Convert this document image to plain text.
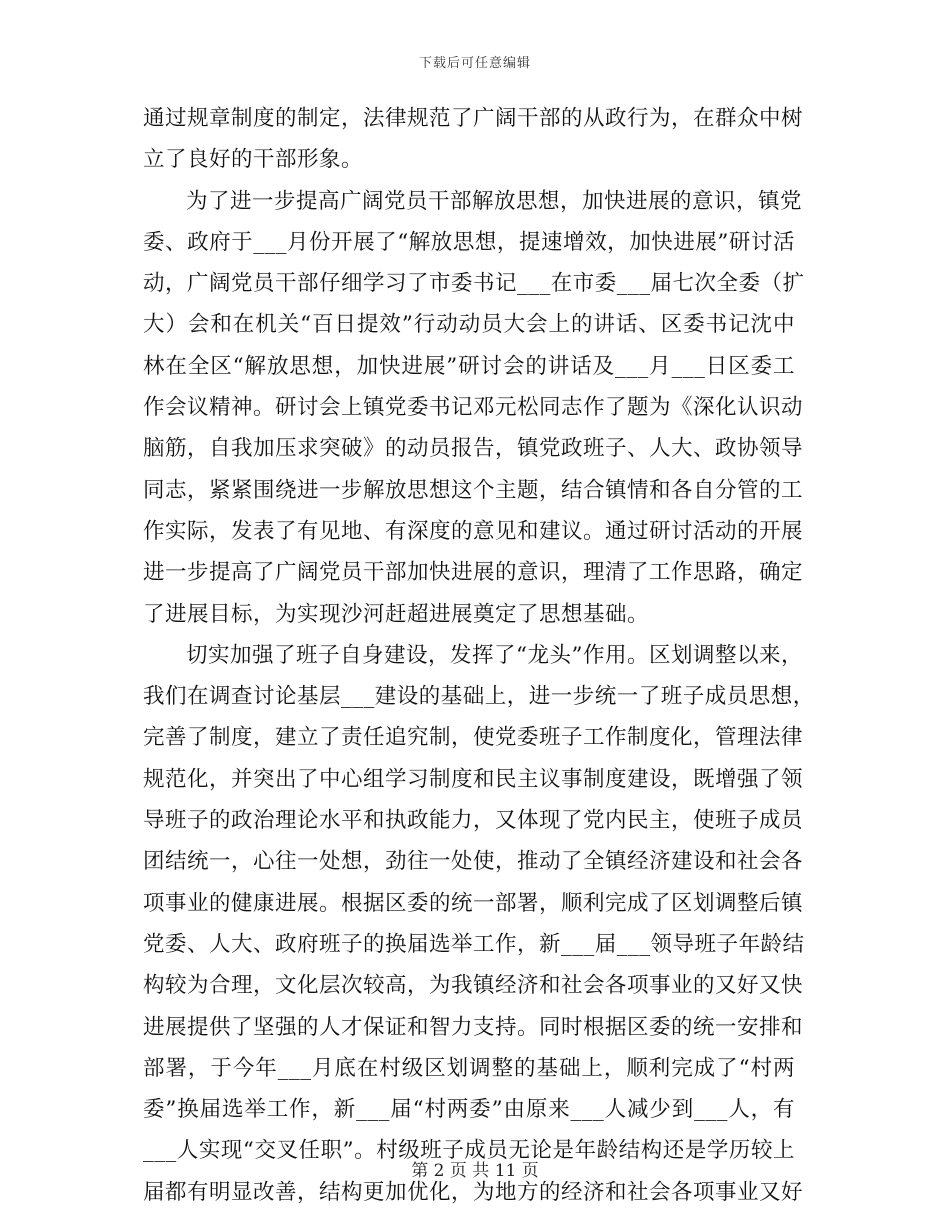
下载后可任意编辑
通过规章制度的制定，法律规范了广阔干部的从政行为，在群众中树
立了良好的干部形象。
为了进一步提高广阔党员干部解放思想，加快进展的意识，镇党
委、政府于___月份开展了“解放思想，提速增效，加快进展”研讨活
动，广阔党员干部仔细学习了市委书记___在市委___届七次全委（扩
大）会和在机关“百日提效”行动动员大会上的讲话、区委书记沈中
林在全区“解放思想，加快进展”研讨会的讲话及___月___日区委工
作会议精神。研讨会上镇党委书记邓元松同志作了题为《深化认识动
脑筋，自我加压求突破》的动员报告，镇党政班子、人大、政协领导
同志，紧紧围绕进一步解放思想这个主题，结合镇情和各自分管的工
作实际，发表了有见地、有深度的意见和建议。通过研讨活动的开展
进一步提高了广阔党员干部加快进展的意识，理清了工作思路，确定
了进展目标，为实现沙河赶超进展奠定了思想基础。
切实加强了班子自身建设，发挥了“龙头”作用。区划调整以来，
我们在调查讨论基层___建设的基础上，进一步统一了班子成员思想，
完善了制度，建立了责任追究制，使党委班子工作制度化，管理法律
规范化，并突出了中心组学习制度和民主议事制度建设，既增强了领
导班子的政治理论水平和执政能力，又体现了党内民主，使班子成员
团结统一，心往一处想，劲往一处使，推动了全镇经济建设和社会各
项事业的健康进展。根据区委的统一部署，顺利完成了区划调整后镇
党委、人大、政府班子的换届选举工作，新___届___领导班子年龄结
构较为合理，文化层次较高，为我镇经济和社会各项事业的又好又快
进展提供了坚强的人才保证和智力支持。同时根据区委的统一安排和
部署，于今年___月底在村级区划调整的基础上，顺利完成了“村两
委”换届选举工作，新___届“村两委”由原来___人减少到___人，有
___人实现“交叉任职”。村级班子成员无论是年龄结构还是学历较上
届都有明显改善，结构更加优化，为地方的经济和社会各项事业又好
第 2 页 共 11 页
